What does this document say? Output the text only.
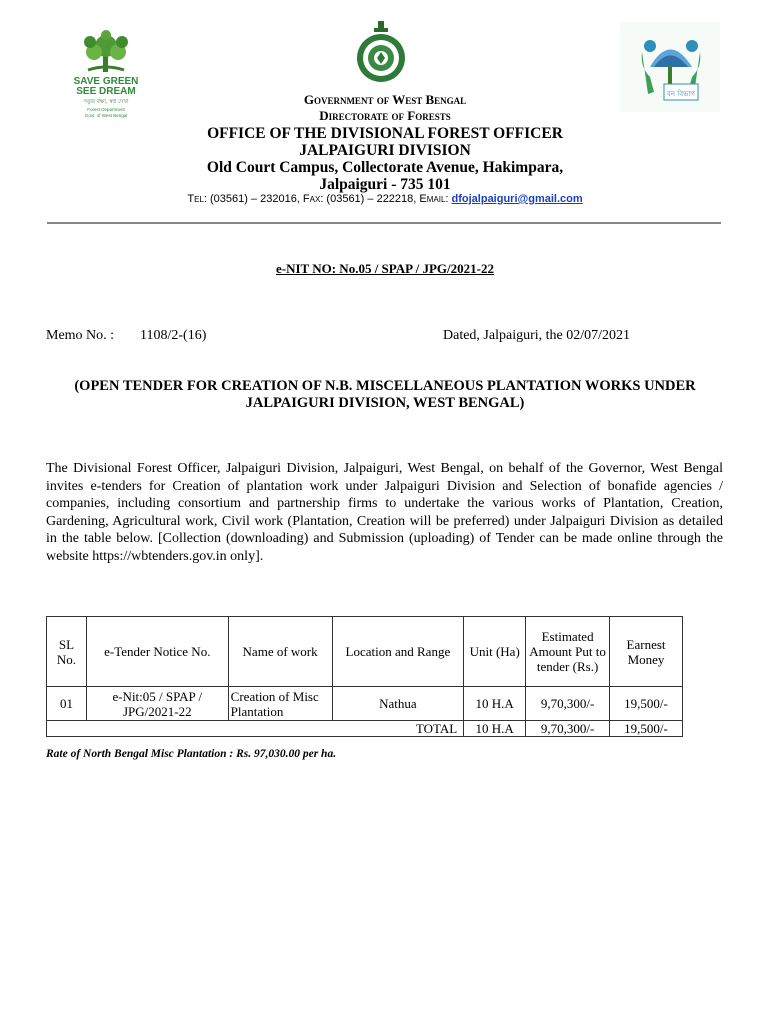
SAVE GREEN
SEE DREAM
সবুজ রক্ষা, স্বপ্ন দেখা
Forest Department
Govt. of West Bengal
বন বিভাগ
Government of West Bengal
Directorate of Forests
OFFICE OF THE DIVISIONAL FOREST OFFICER
JALPAIGURI DIVISION
Old Court Campus, Collectorate Avenue, Hakimpara,
Jalpaiguri - 735 101
Tel: (03561) – 232016, Fax: (03561) – 222218, Email: dfojalpaiguri@gmail.com
e-NIT NO: No.05 / SPAP / JPG/2021-22
Memo No. : 1108/2-(16)	Dated, Jalpaiguri, the 02/07/2021
(OPEN TENDER FOR CREATION OF N.B. MISCELLANEOUS PLANTATION WORKS UNDER JALPAIGURI DIVISION, WEST BENGAL)
The Divisional Forest Officer, Jalpaiguri Division, Jalpaiguri, West Bengal, on behalf of the Governor, West Bengal invites e-tenders for Creation of plantation work under Jalpaiguri Division and Selection of bonafide agencies / companies, including consortium and partnership firms to undertake the various works of Plantation, Creation, Gardening, Agricultural work, Civil work (Plantation, Creation will be preferred) under Jalpaiguri Division as detailed in the table below. [Collection (downloading) and Submission (uploading) of Tender can be made online through the website https://wbtenders.gov.in only].
SL No.	e-Tender Notice No.	Name of work	Location and Range	Unit (Ha)	Estimated Amount Put to tender (Rs.)	Earnest Money
01	e-Nit:05 / SPAP / JPG/2021-22	Creation of Misc Plantation	Nathua	10 H.A	9,70,300/-	19,500/-
TOTAL				10 H.A	9,70,300/-	19,500/-
Rate of North Bengal Misc Plantation : Rs. 97,030.00 per ha.
